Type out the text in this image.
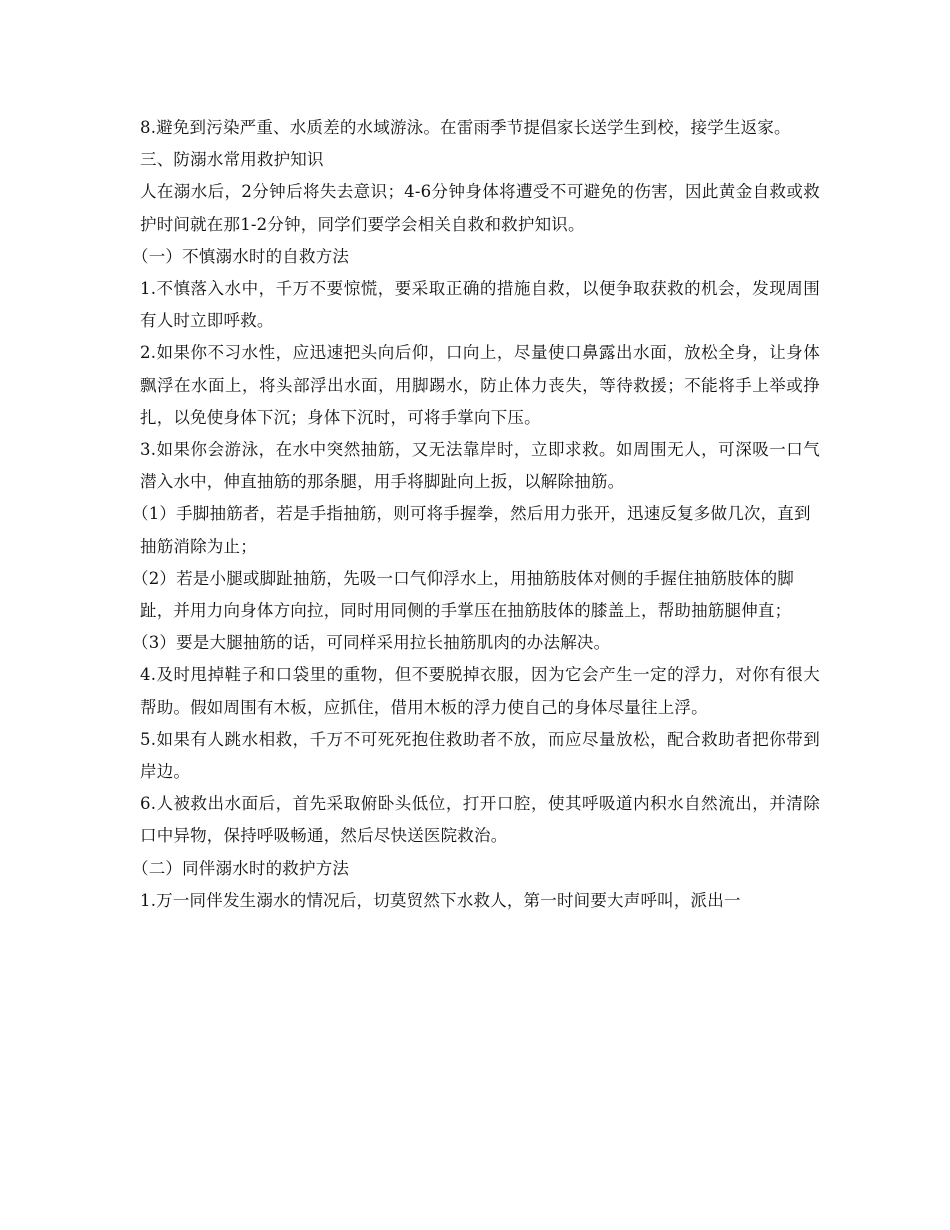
8.避免到污染严重、水质差的水域游泳。在雷雨季节提倡家长送学生到校，接学生返家。

三、防溺水常用救护知识

人在溺水后，2分钟后将失去意识；4-6分钟身体将遭受不可避免的伤害，因此黄金自救或救护时间就在那1-2分钟，同学们要学会相关自救和救护知识。

（一）不慎溺水时的自救方法

1.不慎落入水中，千万不要惊慌，要采取正确的措施自救，以便争取获救的机会，发现周围有人时立即呼救。

2.如果你不习水性，应迅速把头向后仰，口向上，尽量使口鼻露出水面，放松全身，让身体飘浮在水面上，将头部浮出水面，用脚踢水，防止体力丧失，等待救援；不能将手上举或挣扎，以免使身体下沉；身体下沉时，可将手掌向下压。

3.如果你会游泳，在水中突然抽筋，又无法靠岸时，立即求救。如周围无人，可深吸一口气潜入水中，伸直抽筋的那条腿，用手将脚趾向上扳，以解除抽筋。

（1）手脚抽筋者，若是手指抽筋，则可将手握拳，然后用力张开，迅速反复多做几次，直到抽筋消除为止；

（2）若是小腿或脚趾抽筋，先吸一口气仰浮水上，用抽筋肢体对侧的手握住抽筋肢体的脚趾，并用力向身体方向拉，同时用同侧的手掌压在抽筋肢体的膝盖上，帮助抽筋腿伸直；

（3）要是大腿抽筋的话，可同样采用拉长抽筋肌肉的办法解决。

4.及时甩掉鞋子和口袋里的重物，但不要脱掉衣服，因为它会产生一定的浮力，对你有很大帮助。假如周围有木板，应抓住，借用木板的浮力使自己的身体尽量往上浮。

5.如果有人跳水相救，千万不可死死抱住救助者不放，而应尽量放松，配合救助者把你带到岸边。

6.人被救出水面后，首先采取俯卧头低位，打开口腔，使其呼吸道内积水自然流出，并清除口中异物，保持呼吸畅通，然后尽快送医院救治。

（二）同伴溺水时的救护方法

1.万一同伴发生溺水的情况后，切莫贸然下水救人，第一时间要大声呼叫，派出一
